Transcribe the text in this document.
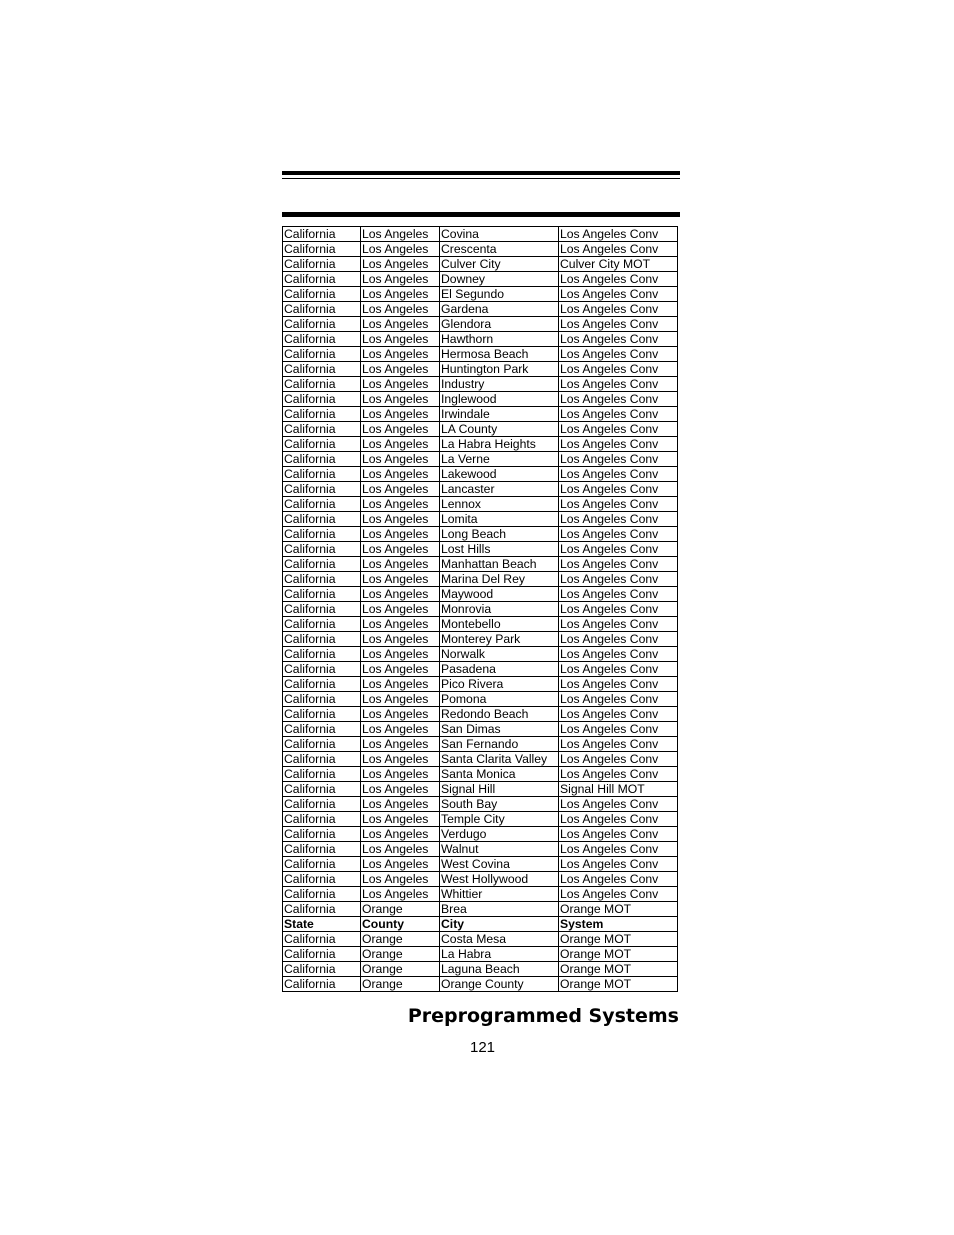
California	Los Angeles	Covina	Los Angeles Conv
California	Los Angeles	Crescenta	Los Angeles Conv
California	Los Angeles	Culver City	Culver City MOT
California	Los Angeles	Downey	Los Angeles Conv
California	Los Angeles	El Segundo	Los Angeles Conv
California	Los Angeles	Gardena	Los Angeles Conv
California	Los Angeles	Glendora	Los Angeles Conv
California	Los Angeles	Hawthorn	Los Angeles Conv
California	Los Angeles	Hermosa Beach	Los Angeles Conv
California	Los Angeles	Huntington Park	Los Angeles Conv
California	Los Angeles	Industry	Los Angeles Conv
California	Los Angeles	Inglewood	Los Angeles Conv
California	Los Angeles	Irwindale	Los Angeles Conv
California	Los Angeles	LA County	Los Angeles Conv
California	Los Angeles	La Habra Heights	Los Angeles Conv
California	Los Angeles	La Verne	Los Angeles Conv
California	Los Angeles	Lakewood	Los Angeles Conv
California	Los Angeles	Lancaster	Los Angeles Conv
California	Los Angeles	Lennox	Los Angeles Conv
California	Los Angeles	Lomita	Los Angeles Conv
California	Los Angeles	Long Beach	Los Angeles Conv
California	Los Angeles	Lost Hills	Los Angeles Conv
California	Los Angeles	Manhattan Beach	Los Angeles Conv
California	Los Angeles	Marina Del Rey	Los Angeles Conv
California	Los Angeles	Maywood	Los Angeles Conv
California	Los Angeles	Monrovia	Los Angeles Conv
California	Los Angeles	Montebello	Los Angeles Conv
California	Los Angeles	Monterey Park	Los Angeles Conv
California	Los Angeles	Norwalk	Los Angeles Conv
California	Los Angeles	Pasadena	Los Angeles Conv
California	Los Angeles	Pico Rivera	Los Angeles Conv
California	Los Angeles	Pomona	Los Angeles Conv
California	Los Angeles	Redondo Beach	Los Angeles Conv
California	Los Angeles	San Dimas	Los Angeles Conv
California	Los Angeles	San Fernando	Los Angeles Conv
California	Los Angeles	Santa Clarita Valley	Los Angeles Conv
California	Los Angeles	Santa Monica	Los Angeles Conv
California	Los Angeles	Signal Hill	Signal Hill MOT
California	Los Angeles	South Bay	Los Angeles Conv
California	Los Angeles	Temple City	Los Angeles Conv
California	Los Angeles	Verdugo	Los Angeles Conv
California	Los Angeles	Walnut	Los Angeles Conv
California	Los Angeles	West Covina	Los Angeles Conv
California	Los Angeles	West Hollywood	Los Angeles Conv
California	Los Angeles	Whittier	Los Angeles Conv
California	Orange	Brea	Orange MOT
State	County	City	System
California	Orange	Costa Mesa	Orange MOT
California	Orange	La Habra	Orange MOT
California	Orange	Laguna Beach	Orange MOT
California	Orange	Orange County	Orange MOT
Preprogrammed Systems
121
